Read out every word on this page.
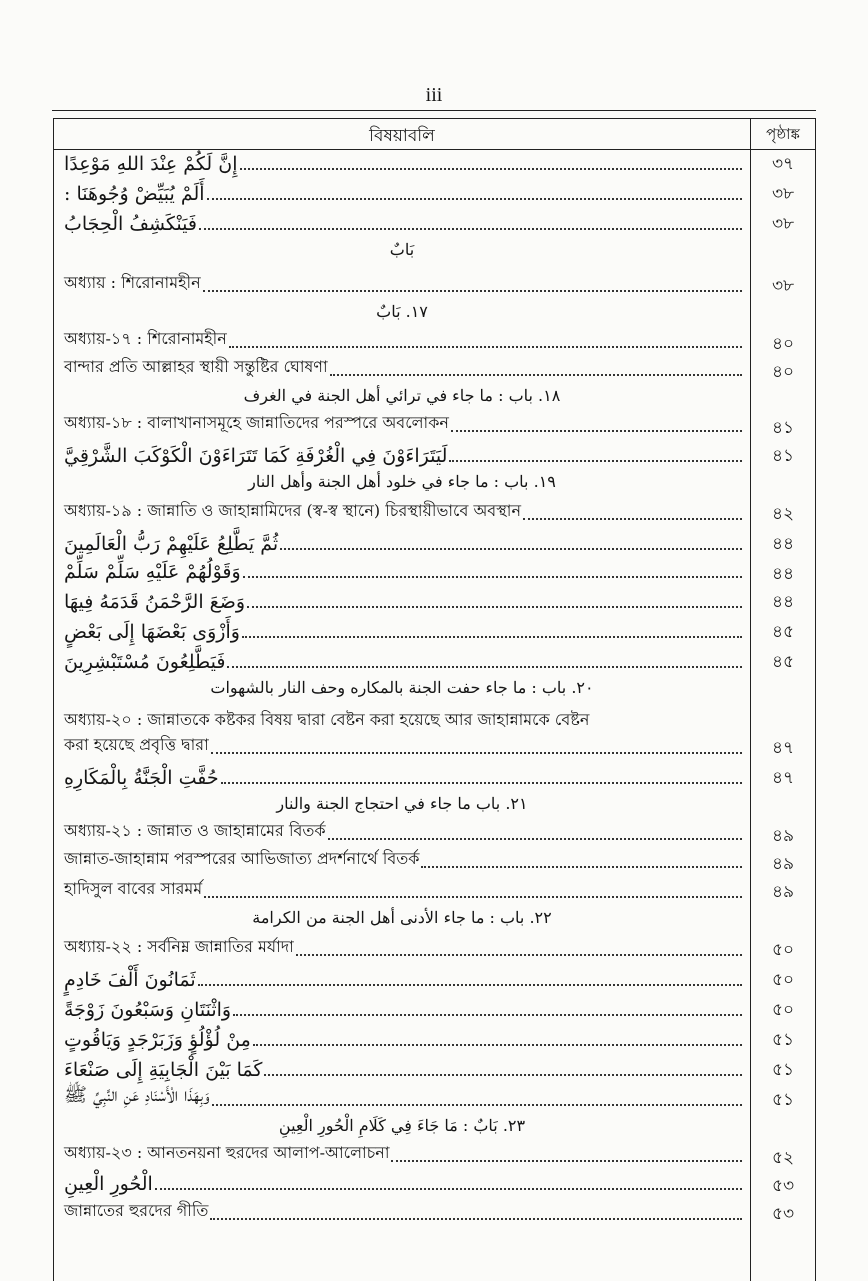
iii
বিষয়াবলি	পৃষ্ঠাঙ্ক
إِنَّ لَكُمْ عِنْدَ اللهِ مَوْعِدًا	৩৭
أَلَمْ يُبَيِّضْ وُجُوهَنَا :	৩৮
فَيَنْكَشِفُ الْحِجَابُ	৩৮
بَابٌ
অধ্যায় : শিরোনামহীন	৩৮
١٧. بَابٌ
অধ্যায়-১৭ : শিরোনামহীন	৪০
বান্দার প্রতি আল্লাহর স্থায়ী সন্তুষ্টির ঘোষণা	৪০
١٨. باب : ما جاء في ترائي أهل الجنة في الغرف
অধ্যায়-১৮ : বালাখানাসমূহে জান্নাতিদের পরস্পরে অবলোকন	৪১
لَيَتَرَاءَوْنَ فِي الْغُرْفَةِ كَمَا تَتَرَاءَوْنَ الْكَوْكَبَ الشَّرْقِيَّ	৪১
١٩. باب : ما جاء في خلود أهل الجنة وأهل النار
অধ্যায়-১৯ : জান্নাতি ও জাহান্নামিদের (স্ব-স্ব স্থানে) চিরস্থায়ীভাবে অবস্থান	৪২
ثُمَّ يَطَّلِعُ عَلَيْهِمْ رَبُّ الْعَالَمِينَ	৪৪
وَقَوْلُهُمْ عَلَيْهِ سَلِّمْ سَلِّمْ	৪৪
وَضَعَ الرَّحْمَنُ قَدَمَهُ فِيهَا	৪৪
وَأَزْوَى بَعْضَهَا إِلَى بَعْضٍ	৪৫
فَيَطَّلِعُونَ مُسْتَبْشِرِينَ	৪৫
٢٠. باب : ما جاء حفت الجنة بالمكاره وحف النار بالشهوات
অধ্যায়-২০ : জান্নাতকে কষ্টকর বিষয় দ্বারা বেষ্টন করা হয়েছে আর জাহান্নামকে বেষ্টন
করা হয়েছে প্রবৃত্তি দ্বারা	৪৭
حُفَّتِ الْجَنَّةُ بِالْمَكَارِهِ	৪৭
٢١. باب ما جاء في احتجاج الجنة والنار
অধ্যায়-২১ : জান্নাত ও জাহান্নামের বিতর্ক	৪৯
জান্নাত-জাহান্নাম পরস্পরের আভিজাত্য প্রদর্শনার্থে বিতর্ক	৪৯
হাদিসুল বাবের সারমর্ম	৪৯
٢٢. باب : ما جاء الأدنى أهل الجنة من الكرامة
অধ্যায়-২২ : সর্বনিম্ন জান্নাতির মর্যাদা	৫০
ثَمَانُونَ أَلْفَ خَادِمٍ	৫০
وَاثْنَتَانِ وَسَبْعُونَ زَوْجَةً	৫০
مِنْ لُؤْلُؤٍ وَزَبَرْجَدٍ وَيَاقُوتٍ	৫১
كَمَا بَيْنَ الْجَابِيَةِ إِلَى صَنْعَاءَ	৫১
وَبِهَذَا الْأَسْنَادِ عَنِ النَّبِيِّ ﷺ	৫১
٢٣. بَابٌ : مَا جَاءَ فِي كَلَامِ الْحُورِ الْعِينِ
অধ্যায়-২৩ : আনতনয়না হুরদের আলাপ-আলোচনা	৫২
الْحُورِ الْعِينِ	৫৩
জান্নাতের হুরদের গীতি	৫৩
